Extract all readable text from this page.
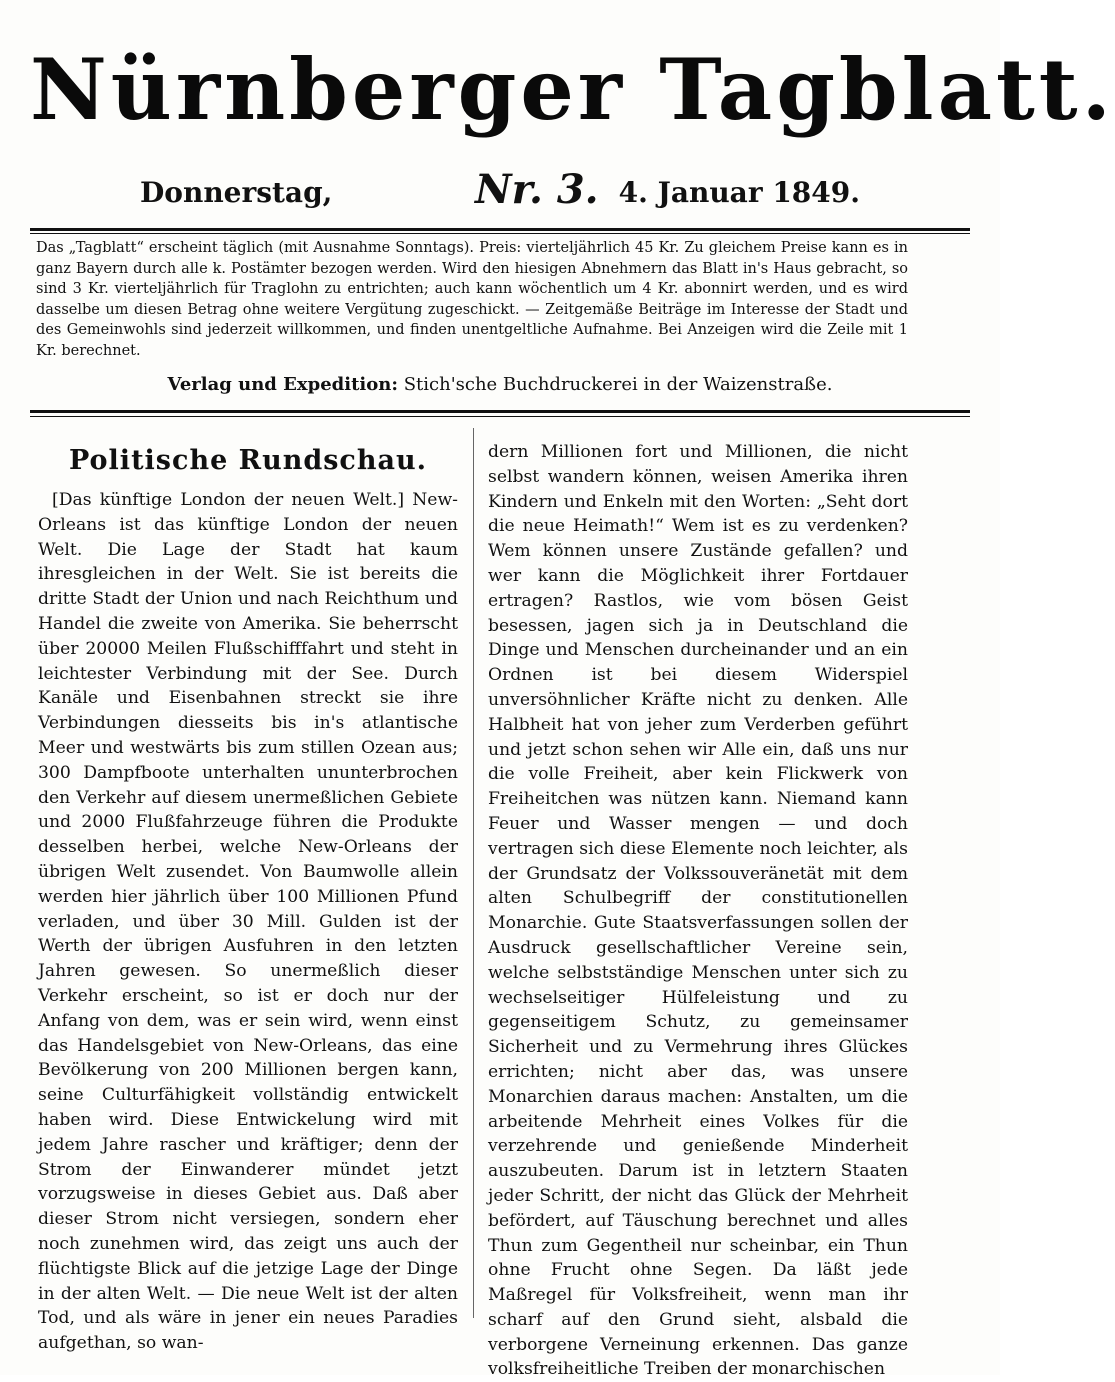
Nürnberger Tagblatt.
Donnerstag,	Nr. 3. 4. Januar 1849.
Das „Tagblatt“ erscheint täglich (mit Ausnahme Sonntags). Preis: vierteljährlich 45 Kr. Zu gleichem Preise kann es in ganz Bayern durch alle k. Postämter bezogen werden. Wird den hiesigen Abnehmern das Blatt in's Haus gebracht, so sind 3 Kr. vierteljährlich für Traglohn zu entrichten; auch kann wöchentlich um 4 Kr. abonnirt werden, und es wird dasselbe um diesen Betrag ohne weitere Vergütung zugeschickt. — Zeitgemäße Beiträge im Interesse der Stadt und des Gemeinwohls sind jederzeit willkommen, und finden unentgeltliche Aufnahme. Bei Anzeigen wird die Zeile mit 1 Kr. berechnet.
Verlag und Expedition: Stich'sche Buchdruckerei in der Waizenstraße.
Politische Rundschau.

[Das künftige London der neuen Welt.] New-Orleans ist das künftige London der neuen Welt. Die Lage der Stadt hat kaum ihresgleichen in der Welt. Sie ist bereits die dritte Stadt der Union und nach Reichthum und Handel die zweite von Amerika. Sie beherrscht über 20000 Meilen Flußschifffahrt und steht in leichtester Verbindung mit der See. Durch Kanäle und Eisenbahnen streckt sie ihre Verbindungen diesseits bis in's atlantische Meer und westwärts bis zum stillen Ozean aus; 300 Dampfboote unterhalten ununterbrochen den Verkehr auf diesem unermeßlichen Gebiete und 2000 Flußfahrzeuge führen die Produkte desselben herbei, welche New-Orleans der übrigen Welt zusendet. Von Baumwolle allein werden hier jährlich über 100 Millionen Pfund verladen, und über 30 Mill. Gulden ist der Werth der übrigen Ausfuhren in den letzten Jahren gewesen. So unermeßlich dieser Verkehr erscheint, so ist er doch nur der Anfang von dem, was er sein wird, wenn einst das Handelsgebiet von New-Orleans, das eine Bevölkerung von 200 Millionen bergen kann, seine Culturfähigkeit vollständig entwickelt haben wird. Diese Entwickelung wird mit jedem Jahre rascher und kräftiger; denn der Strom der Einwanderer mündet jetzt vorzugsweise in dieses Gebiet aus. Daß aber dieser Strom nicht versiegen, sondern eher noch zunehmen wird, das zeigt uns auch der flüchtigste Blick auf die jetzige Lage der Dinge in der alten Welt. — Die neue Welt ist der alten Tod, und als wäre in jener ein neues Paradies aufgethan, so wan-

dern Millionen fort und Millionen, die nicht selbst wandern können, weisen Amerika ihren Kindern und Enkeln mit den Worten: „Seht dort die neue Heimath!“ Wem ist es zu verdenken? Wem können unsere Zustände gefallen? und wer kann die Möglichkeit ihrer Fortdauer ertragen? Rastlos, wie vom bösen Geist besessen, jagen sich ja in Deutschland die Dinge und Menschen durcheinander und an ein Ordnen ist bei diesem Widerspiel unversöhnlicher Kräfte nicht zu denken. Alle Halbheit hat von jeher zum Verderben geführt und jetzt schon sehen wir Alle ein, daß uns nur die volle Freiheit, aber kein Flickwerk von Freiheitchen was nützen kann. Niemand kann Feuer und Wasser mengen — und doch vertragen sich diese Elemente noch leichter, als der Grundsatz der Volkssouveränetät mit dem alten Schulbegriff der constitutionellen Monarchie. Gute Staatsverfassungen sollen der Ausdruck gesellschaftlicher Vereine sein, welche selbstständige Menschen unter sich zu wechselseitiger Hülfeleistung und zu gegenseitigem Schutz, zu gemeinsamer Sicherheit und zu Vermehrung ihres Glückes errichten; nicht aber das, was unsere Monarchien daraus machen: Anstalten, um die arbeitende Mehrheit eines Volkes für die verzehrende und genießende Minderheit auszubeuten. Darum ist in letztern Staaten jeder Schritt, der nicht das Glück der Mehrheit befördert, auf Täuschung berechnet und alles Thun zum Gegentheil nur scheinbar, ein Thun ohne Frucht ohne Segen. Da läßt jede Maßregel für Volksfreiheit, wenn man ihr scharf auf den Grund sieht, alsbald die verborgene Verneinung erkennen. Das ganze volksfreiheitliche Treiben der monarchischen
